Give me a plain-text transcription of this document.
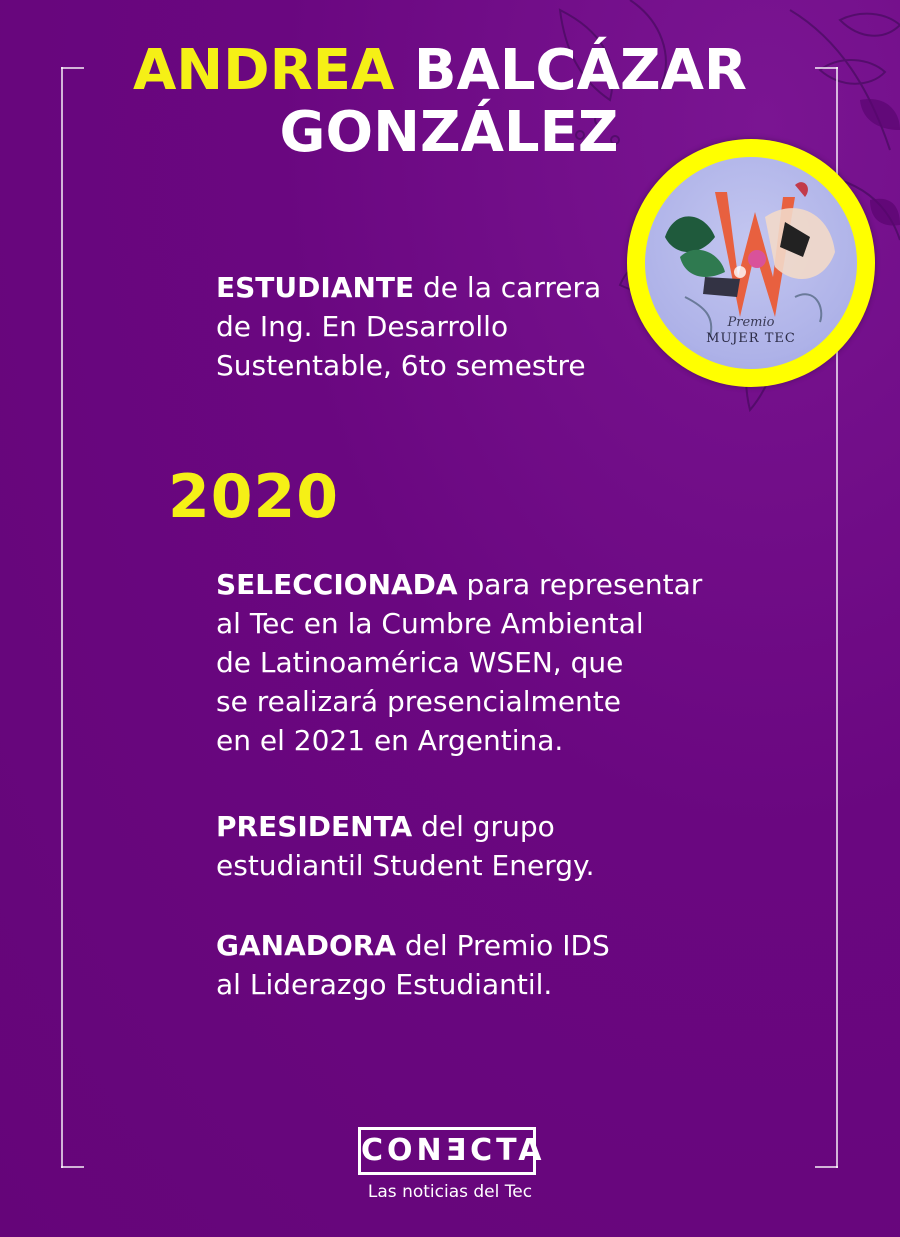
ANDREA BALCÁZAR
GONZÁLEZ
Premio
MUJER TEC

ESTUDIANTE de la carrera
de Ing. En Desarrollo
Sustentable, 6to semestre

2020

SELECCIONADA para representar
al Tec en la Cumbre Ambiental
de Latinoamérica WSEN, que
se realizará presencialmente
en el 2021 en Argentina.

PRESIDENTA del grupo
estudiantil Student Energy.

GANADORA del Premio IDS
al Liderazgo Estudiantil.

CONƎCTA
Las noticias del Tec
